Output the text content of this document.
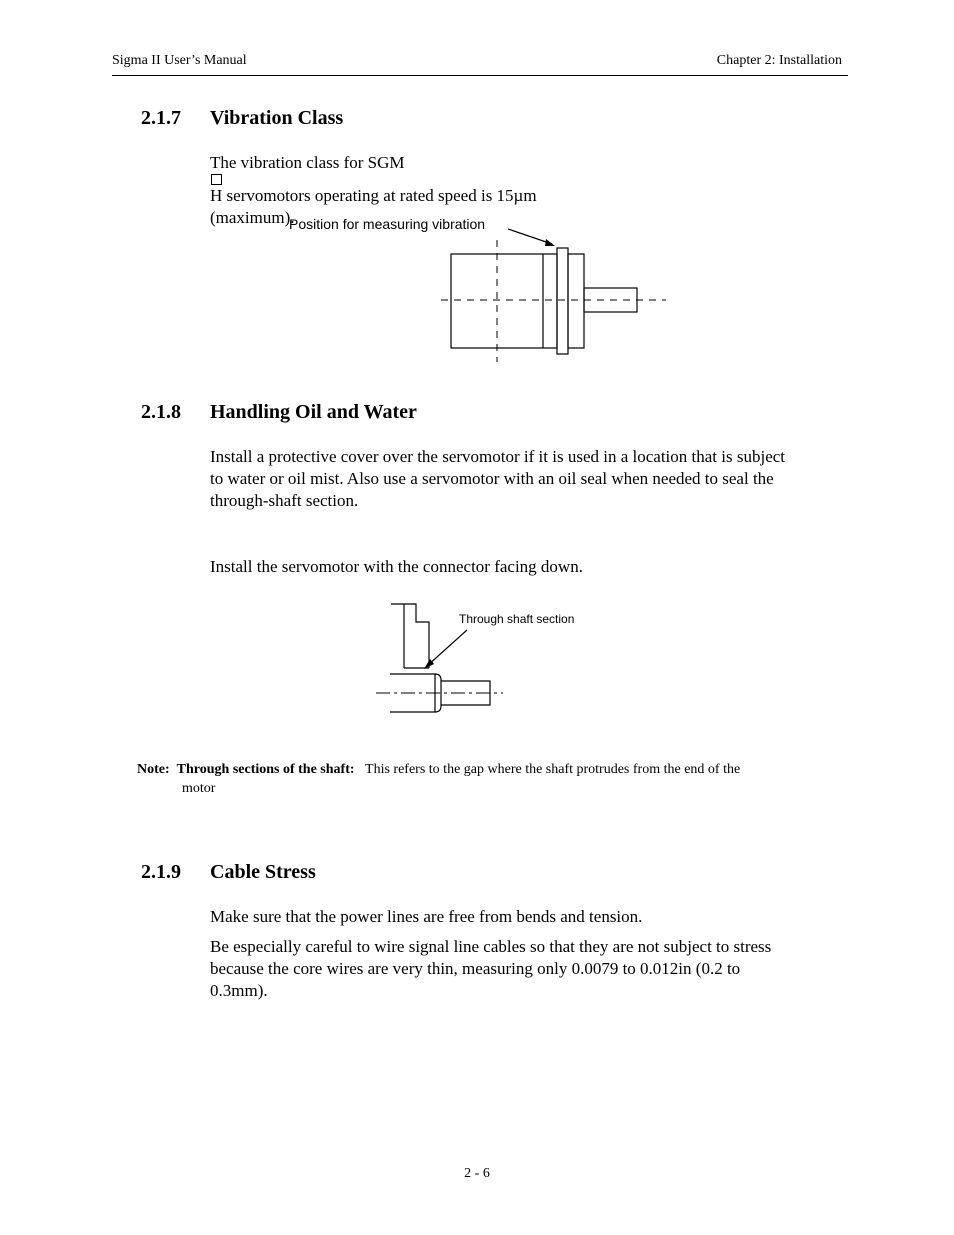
Sigma II User’s Manual	Chapter 2: Installation
2.1.7 Vibration Class
The vibration class for SGM
H servomotors operating at rated speed is 15µm
(maximum).
Position for measuring vibration
2.1.8 Handling Oil and Water
Install a protective cover over the servomotor if it is used in a location that is subject
to water or oil mist. Also use a servomotor with an oil seal when needed to seal the
through-shaft section.
Install the servomotor with the connector facing down.
Through shaft section
Note: Through sections of the shaft: This refers to the gap where the shaft protrudes from the end of the
motor
2.1.9 Cable Stress
Make sure that the power lines are free from bends and tension.
Be especially careful to wire signal line cables so that they are not subject to stress
because the core wires are very thin, measuring only 0.0079 to 0.012in (0.2 to
0.3mm).
2 - 6
